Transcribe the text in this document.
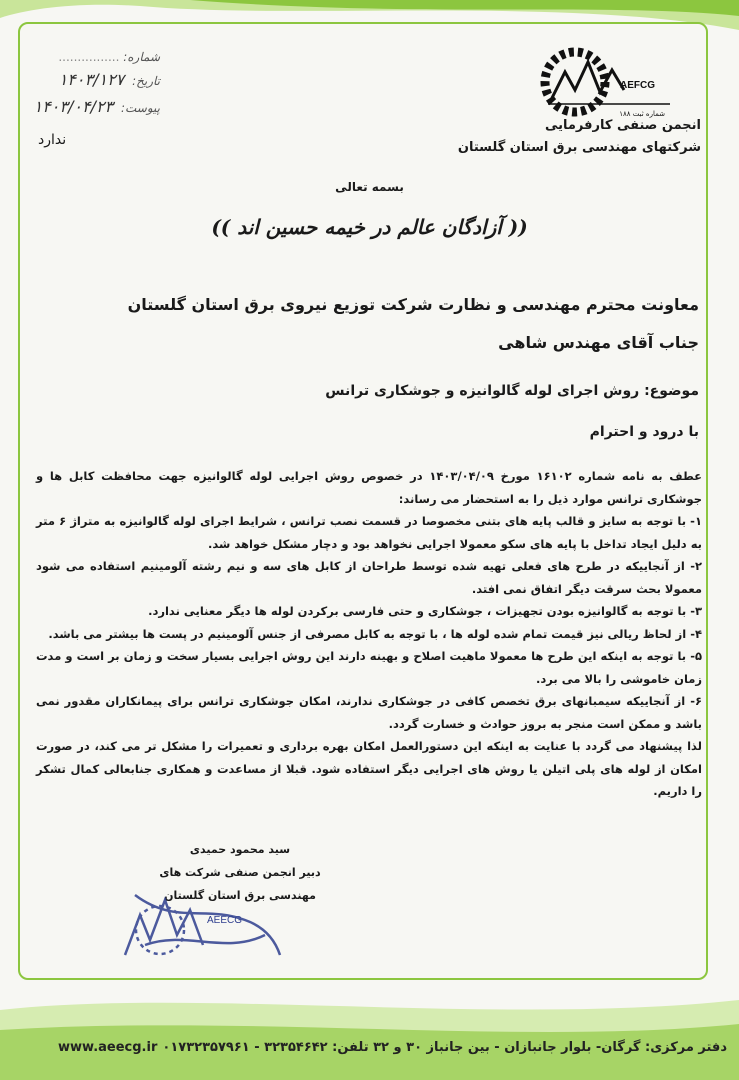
AEFCG
شماره ثبت ۱۸۸
انجمن صنفی کارفرمایی
شرکتهای مهندسی برق استان گلستان
شماره: ................
تاریخ: ۱۴۰۳/۱۲۷
پیوست: ۱۴۰۳/۰۴/۲۳
ندارد
بسمه تعالی
(( آزادگان عالم در خیمه حسین اند ))
معاونت محترم مهندسی و نظارت شرکت توزیع نیروی برق استان گلستان
جناب آقای مهندس شاهی
موضوع: روش اجرای لوله گالوانیزه و جوشکاری ترانس
با درود و احترام

عطف به نامه شماره ۱۶۱۰۲ مورخ ۱۴۰۳/۰۴/۰۹ در خصوص روش اجرایی لوله گالوانیزه جهت محافظت کابل ها و جوشکاری ترانس موارد ذیل را به استحضار می رساند:

۱- با توجه به سایز و قالب پایه های بتنی مخصوصا در قسمت نصب ترانس ، شرایط اجرای لوله گالوانیزه به متراژ ۶ متر به دلیل ایجاد تداخل با پایه های سکو معمولا اجرایی نخواهد بود و دچار مشکل خواهد شد.

۲- از آنجاییکه در طرح های فعلی تهیه شده توسط طراحان از کابل های سه و نیم رشته آلومینیم استفاده می شود معمولا بحث سرقت دیگر اتفاق نمی افتد.

۳- با توجه به گالوانیزه بودن تجهیزات ، جوشکاری و حتی فارسی برکردن لوله ها دیگر معنایی ندارد.

۴- از لحاظ ریالی نیز قیمت تمام شده لوله ها ، با توجه به کابل مصرفی از جنس آلومینیم در پست ها بیشتر می باشد.

۵- با توجه به اینکه این طرح ها معمولا ماهیت اصلاح و بهینه دارند این روش اجرایی بسیار سخت و زمان بر است و مدت زمان خاموشی را بالا می برد.

۶- از آنجاییکه سیمبانهای برق تخصص کافی در جوشکاری ندارند، امکان جوشکاری ترانس برای پیمانکاران مقدور نمی باشد و ممکن است منجر به بروز حوادث و خسارت گردد.

لذا پیشنهاد می گردد با عنایت به اینکه این دستورالعمل امکان بهره برداری و تعمیرات را مشکل تر می کند، در صورت امکان از لوله های پلی اتیلن یا روش های اجرایی دیگر استفاده شود. قبلا از مساعدت و همکاری جنابعالی کمال تشکر را داریم.

سید محمود حمیدی
دبیر انجمن صنفی شرکت های
مهندسی برق استان گلستان
AEECG
دفتر مرکزی: گرگان- بلوار جانبازان - بین جانباز ۳۰ و ۳۲ تلفن: ۳۲۳۵۴۶۴۲ - ۰۱۷۳۲۳۵۷۹۶۱
www.aeecg.ir
